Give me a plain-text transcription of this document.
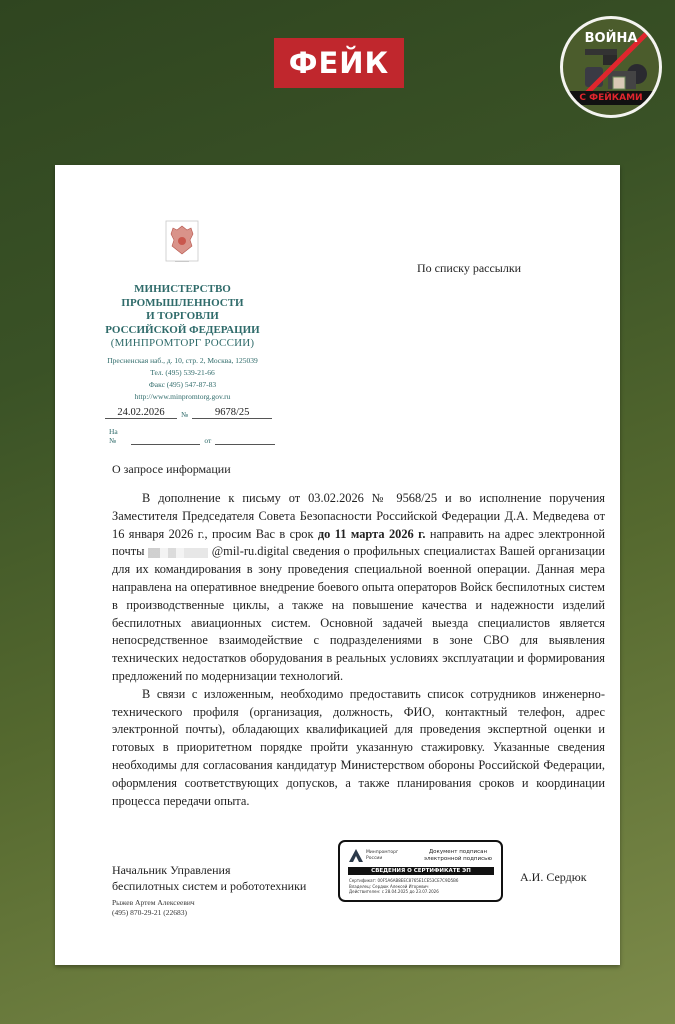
ФЕЙК
ВОЙНА
С ФЕЙКАМИ
МИНИСТЕРСТВО
ПРОМЫШЛЕННОСТИ
И ТОРГОВЛИ
РОССИЙСКОЙ ФЕДЕРАЦИИ
(МИНПРОМТОРГ РОССИИ)
Пресненская наб., д. 10, стр. 2, Москва, 125039
Тел. (495) 539-21-66
Факс (495) 547-87-83
http://www.minpromtorg.gov.ru
24.02.2026	№	9678/25
На №	от
По списку рассылки
О запросе информации

В дополнение к письму от 03.02.2026 № 9568/25 и во исполнение поручения Заместителя Председателя Совета Безопасности Российской Федерации Д.А. Медведева от 16 января 2026 г., просим Вас в срок до 11 марта 2026 г. направить на адрес электронной почты	@mil-ru.digital сведения о профильных специалистах Вашей организации для их командирования в зону проведения специальной военной операции. Данная мера направлена на оперативное внедрение боевого опыта операторов Войск беспилотных систем в производственные циклы, а также на повышение качества и надежности изделий беспилотных авиационных систем. Основной задачей выезда специалистов является непосредственное взаимодействие с подразделениями в зоне СВО для выявления технических недостатков оборудования в реальных условиях эксплуатации и формирования предложений по модернизации технологий.

В связи с изложенным, необходимо предоставить список сотрудников инженерно-технического профиля (организация, должность, ФИО, контактный телефон, адрес электронной почты), обладающих квалификацией для проведения экспертной оценки и готовых в приоритетном порядке пройти указанную стажировку. Указанные сведения необходимы для согласования кандидатур Министерством обороны Российской Федерации, оформления соответствующих допусков, а также планирования сроков и координации процесса передачи опыта.

Начальник Управления
беспилотных систем и робототехники
Рыжев Артем Алексеевич
(495) 870-29-21 (22683)
Минпромторг
России
Документ подписан
электронной подписью
СВЕДЕНИЯ О СЕРТИФИКАТЕ ЭП
Сертификат: 00F5A6AB8EEC8765E1CE53CE7C9D5B6
Владелец: Сердюк Алексей Игоревич
Действителен: с 28.04.2025 до 23.07.2026
А.И. Сердюк
